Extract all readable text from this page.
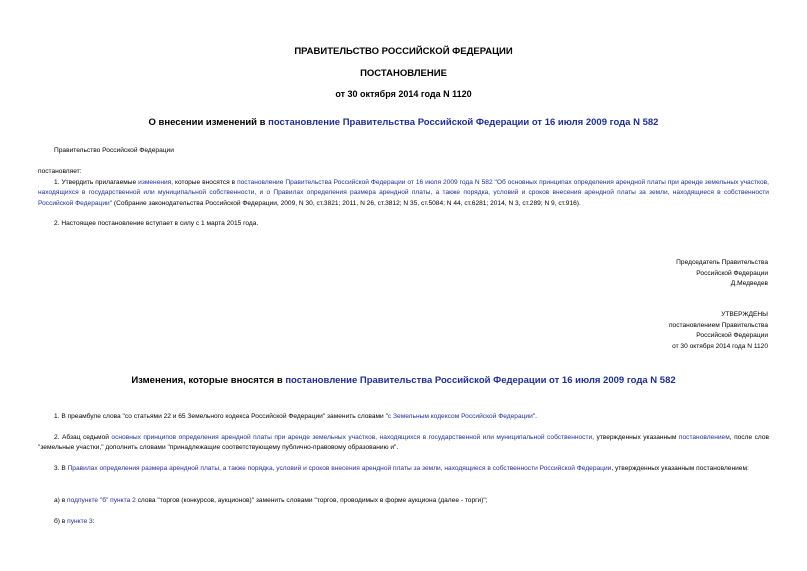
ПРАВИТЕЛЬСТВО РОССИЙСКОЙ ФЕДЕРАЦИИ
ПОСТАНОВЛЕНИЕ
от 30 октября 2014 года N 1120
О внесении изменений в постановление Правительства Российской Федерации от 16 июля 2009 года N 582
Правительство Российской Федерации
постановляет:
1. Утвердить прилагаемые изменения, которые вносятся в постановление Правительства Российской Федерации от 16 июля 2009 года N 582 "Об основных принципах определения арендной платы при аренде земельных участков, находящихся в государственной или муниципальной собственности, и о Правилах определения размера арендной платы, а также порядка, условий и сроков внесения арендной платы за земли, находящиеся в собственности Российской Федерации" (Собрание законодательства Российской Федерации, 2009, N 30, ст.3821; 2011, N 26, ст.3812; N 35, ст.5084; N 44, ст.6281; 2014, N 3, ст.289; N 9, ст.916).
2. Настоящее постановление вступает в силу с 1 марта 2015 года.
Председатель Правительства
Российской Федерации
Д.Медведев
УТВЕРЖДЕНЫ
постановлением Правительства
Российской Федерации
от 30 октября 2014 года N 1120
Изменения, которые вносятся в постановление Правительства Российской Федерации от 16 июля 2009 года N 582
1. В преамбуле слова "со статьями 22 и 65 Земельного кодекса Российской Федерации" заменить словами "с Земельным кодексом Российской Федерации".
2. Абзац седьмой основных принципов определения арендной платы при аренде земельных участков, находящихся в государственной или муниципальной собственности, утвержденных указанным постановлением, после слов "земельные участки," дополнить словами "принадлежащие соответствующему публично-правовому образованию и".
3. В Правилах определения размера арендной платы, а также порядка, условий и сроков внесения арендной платы за земли, находящиеся в собственности Российской Федерации, утвержденных указанным постановлением:
а) в подпункте "б" пункта 2 слова "торгов (конкурсов, аукционов)" заменить словами "торгов, проводимых в форме аукциона (далее - торги)";
б) в пункте 3:
